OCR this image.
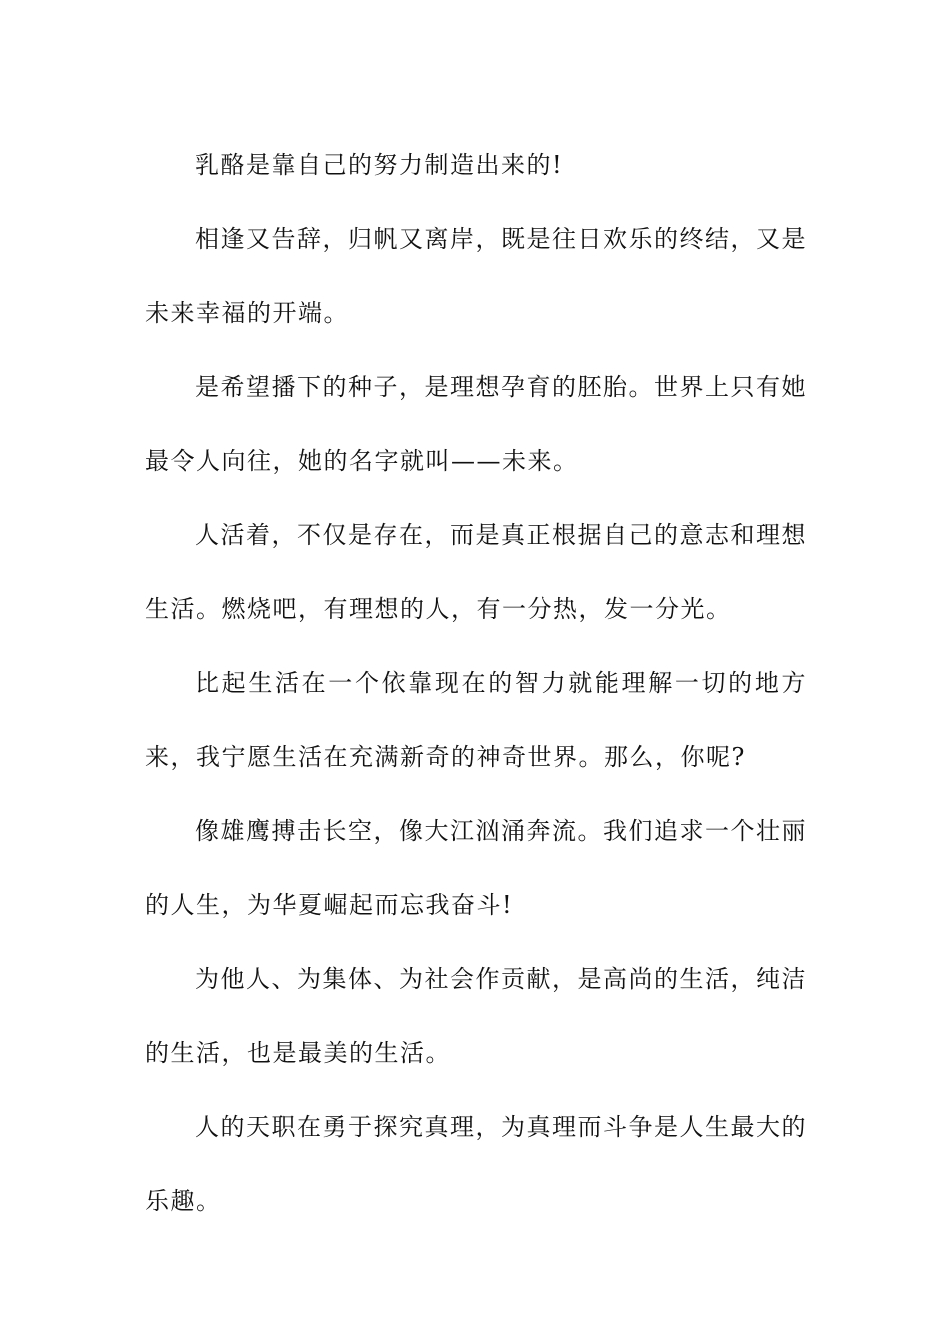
乳酪是靠自己的努力制造出来的!

相逢又告辞，归帆又离岸，既是往日欢乐的终结，又是未来幸福的开端。

是希望播下的种子，是理想孕育的胚胎。世界上只有她最令人向往，她的名字就叫——未来。

人活着，不仅是存在，而是真正根据自己的意志和理想生活。燃烧吧，有理想的人，有一分热，发一分光。

比起生活在一个依靠现在的智力就能理解一切的地方来，我宁愿生活在充满新奇的神奇世界。那么，你呢?

像雄鹰搏击长空，像大江汹涌奔流。我们追求一个壮丽的人生，为华夏崛起而忘我奋斗!

为他人、为集体、为社会作贡献，是高尚的生活，纯洁的生活，也是最美的生活。

人的天职在勇于探究真理，为真理而斗争是人生最大的乐趣。
